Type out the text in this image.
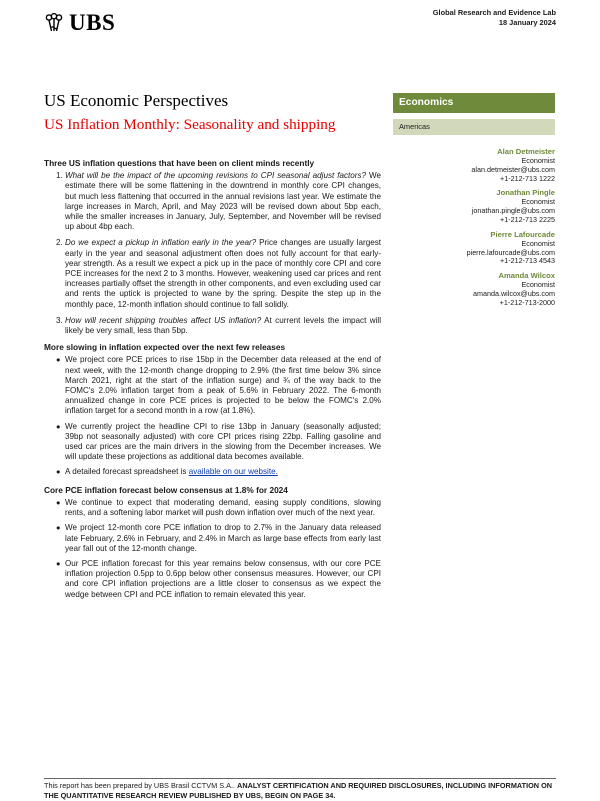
UBS	Global Research and Evidence Lab
18 January 2024
US Economic Perspectives
US Inflation Monthly: Seasonality and shipping
Economics
Americas
Alan Detmeister
Economist
alan.detmeister@ubs.com
+1-212-713 1222
Jonathan Pingle
Economist
jonathan.pingle@ubs.com
+1-212-713 2225
Pierre Lafourcade
Economist
pierre.lafourcade@ubs.com
+1-212-713 4543
Amanda Wilcox
Economist
amanda.wilcox@ubs.com
+1-212-713-2000
Three US inflation questions that have been on client minds recently
1. What will be the impact of the upcoming revisions to CPI seasonal adjust factors? We estimate there will be some flattening in the downtrend in monthly core CPI changes, but much less flattening that occurred in the annual revisions last year. We estimate the large increases in March, April, and May 2023 will be revised down about 5bp each, while the smaller increases in January, July, September, and November will be revised up about 4bp each.
2. Do we expect a pickup in inflation early in the year? Price changes are usually largest early in the year and seasonal adjustment often does not fully account for that early-year strength. As a result we expect a pick up in the pace of monthly core CPI and core PCE increases for the next 2 to 3 months. However, weakening used car prices and rent increases partially offset the strength in other components, and even excluding used car and rents the uptick is projected to wane by the spring. Despite the step up in the monthly pace, 12-month inflation should continue to fall solidly.
3. How will recent shipping troubles affect US inflation? At current levels the impact will likely be very small, less than 5bp.
More slowing in inflation expected over the next few releases
● We project core PCE prices to rise 15bp in the December data released at the end of next week, with the 12-month change dropping to 2.9% (the first time below 3% since March 2021, right at the start of the inflation surge) and ¾ of the way back to the FOMC's 2.0% inflation target from a peak of 5.6% in February 2022. The 6-month annualized change in core PCE prices is projected to be below the FOMC's 2.0% inflation target for a second month in a row (at 1.8%).
● We currently project the headline CPI to rise 13bp in January (seasonally adjusted; 39bp not seasonally adjusted) with core CPI prices rising 22bp. Falling gasoline and used car prices are the main drivers in the slowing from the December increases. We will update these projections as additional data becomes available.
● A detailed forecast spreadsheet is available on our website.
Core PCE inflation forecast below consensus at 1.8% for 2024
● We continue to expect that moderating demand, easing supply conditions, slowing rents, and a softening labor market will push down inflation over much of the next year.
● We project 12-month core PCE inflation to drop to 2.7% in the January data released late February, 2.6% in February, and 2.4% in March as large base effects from early last year fall out of the 12-month change.
● Our PCE inflation forecast for this year remains below consensus, with our core PCE inflation projection 0.5pp to 0.6pp below other consensus measures. However, our CPI and core CPI inflation projections are a little closer to consensus as we expect the wedge between CPI and PCE inflation to remain elevated this year.
This report has been prepared by UBS Brasil CCTVM S.A.. ANALYST CERTIFICATION AND REQUIRED DISCLOSURES, INCLUDING INFORMATION ON THE QUANTITATIVE RESEARCH REVIEW PUBLISHED BY UBS, BEGIN ON PAGE 34.
